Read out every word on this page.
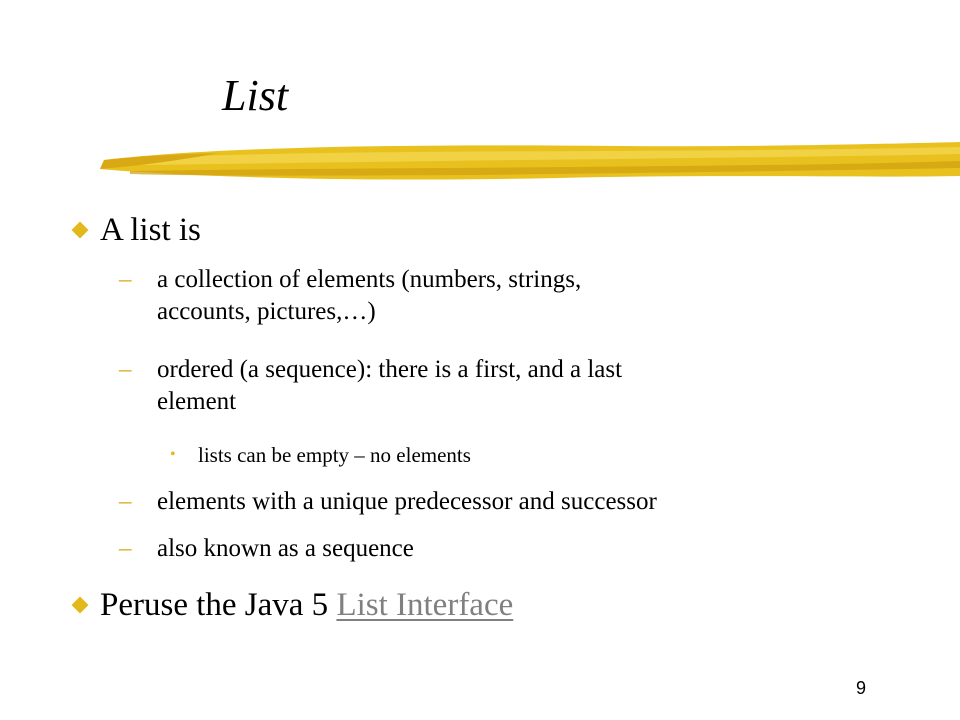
List
A list is
– a collection of elements (numbers, strings,
accounts, pictures,…)
– ordered (a sequence): there is a first, and a last
element
• lists can be empty – no elements
– elements with a unique predecessor and successor
– also known as a sequence
Peruse the Java 5 List Interface
9
